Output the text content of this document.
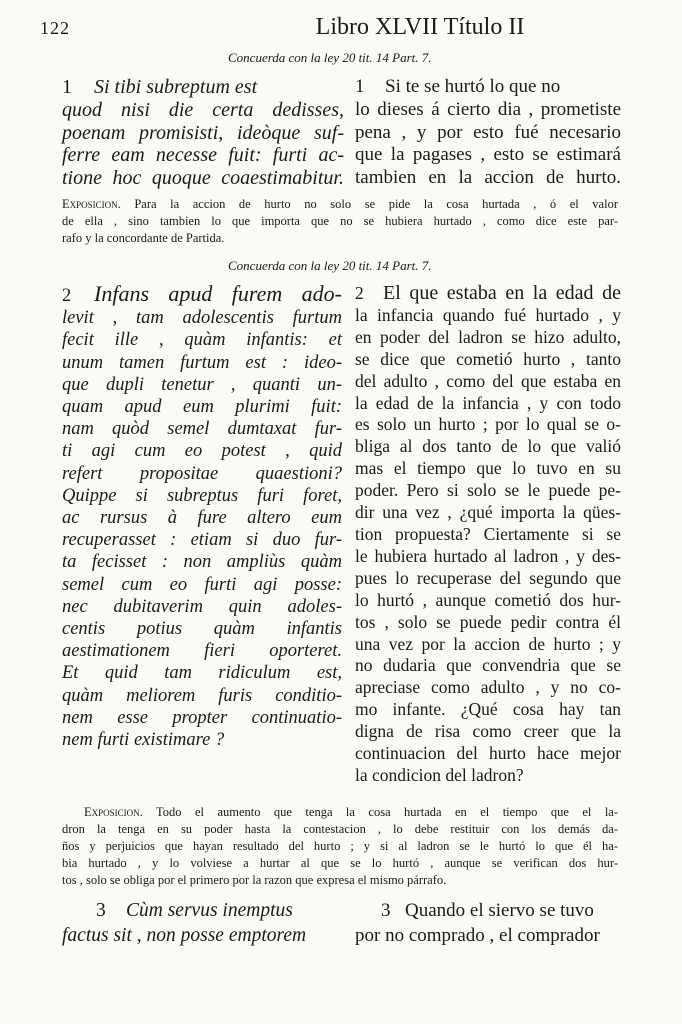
122	Libro XLVII Título II
Concuerda con la ley 20 tit. 14 Part. 7.
1 Si tibi subreptum est
quod nisi die certa dedisses,
poenam promisisti, ideòque suf-
ferre eam necesse fuit: furti ac-
tione hoc quoque coaestimabitur.
1 Si te se hurtó lo que no
lo dieses á cierto dia , prometiste
pena , y por esto fué necesario
que la pagases , esto se estimará
tambien en la accion de hurto.
Exposicion. Para la accion de hurto no solo se pide la cosa hurtada , ó el valor
de ella , sino tambien lo que importa que no se hubiera hurtado , como dice este par-
rafo y la concordante de Partida.
Concuerda con la ley 20 tit. 14 Part. 7.
2 Infans apud furem ado-
levit , tam adolescentis furtum
fecit ille , quàm infantis: et
unum tamen furtum est : ideo-
que dupli tenetur , quanti un-
quam apud eum plurimi fuit:
nam quòd semel dumtaxat fur-
ti agi cum eo potest , quid
refert propositae quaestioni?
Quippe si subreptus furi foret,
ac rursus à fure altero eum
recuperasset : etiam si duo fur-
ta fecisset : non ampliùs quàm
semel cum eo furti agi posse:
nec dubitaverim quin adoles-
centis potius quàm infantis
aestimationem fieri oporteret.
Et quid tam ridiculum est,
quàm meliorem furis conditio-
nem esse propter continuatio-
nem furti existimare ?
2 El que estaba en la edad de
la infancia quando fué hurtado , y
en poder del ladron se hizo adulto,
se dice que cometió hurto , tanto
del adulto , como del que estaba en
la edad de la infancia , y con todo
es solo un hurto ; por lo qual se o-
bliga al dos tanto de lo que valió
mas el tiempo que lo tuvo en su
poder. Pero si solo se le puede pe-
dir una vez , ¿qué importa la qües-
tion propuesta? Ciertamente si se
le hubiera hurtado al ladron , y des-
pues lo recuperase del segundo que
lo hurtó , aunque cometió dos hur-
tos , solo se puede pedir contra él
una vez por la accion de hurto ; y
no dudaria que convendria que se
apreciase como adulto , y no co-
mo infante. ¿Qué cosa hay tan
digna de risa como creer que la
continuacion del hurto hace mejor
la condicion del ladron?
Exposicion. Todo el aumento que tenga la cosa hurtada en el tiempo que el la-
dron la tenga en su poder hasta la contestacion , lo debe restituir con los demás da-
ños y perjuicios que hayan resultado del hurto ; y si al ladron se le hurtó lo que él ha-
bia hurtado , y lo volviese a hurtar al que se lo hurtó , aunque se verifican dos hur-
tos , solo se obliga por el primero por la razon que expresa el mismo párrafo.
3 Cùm servus inemptus
factus sit , non posse emptorem
3 Quando el siervo se tuvo
por no comprado , el comprador
